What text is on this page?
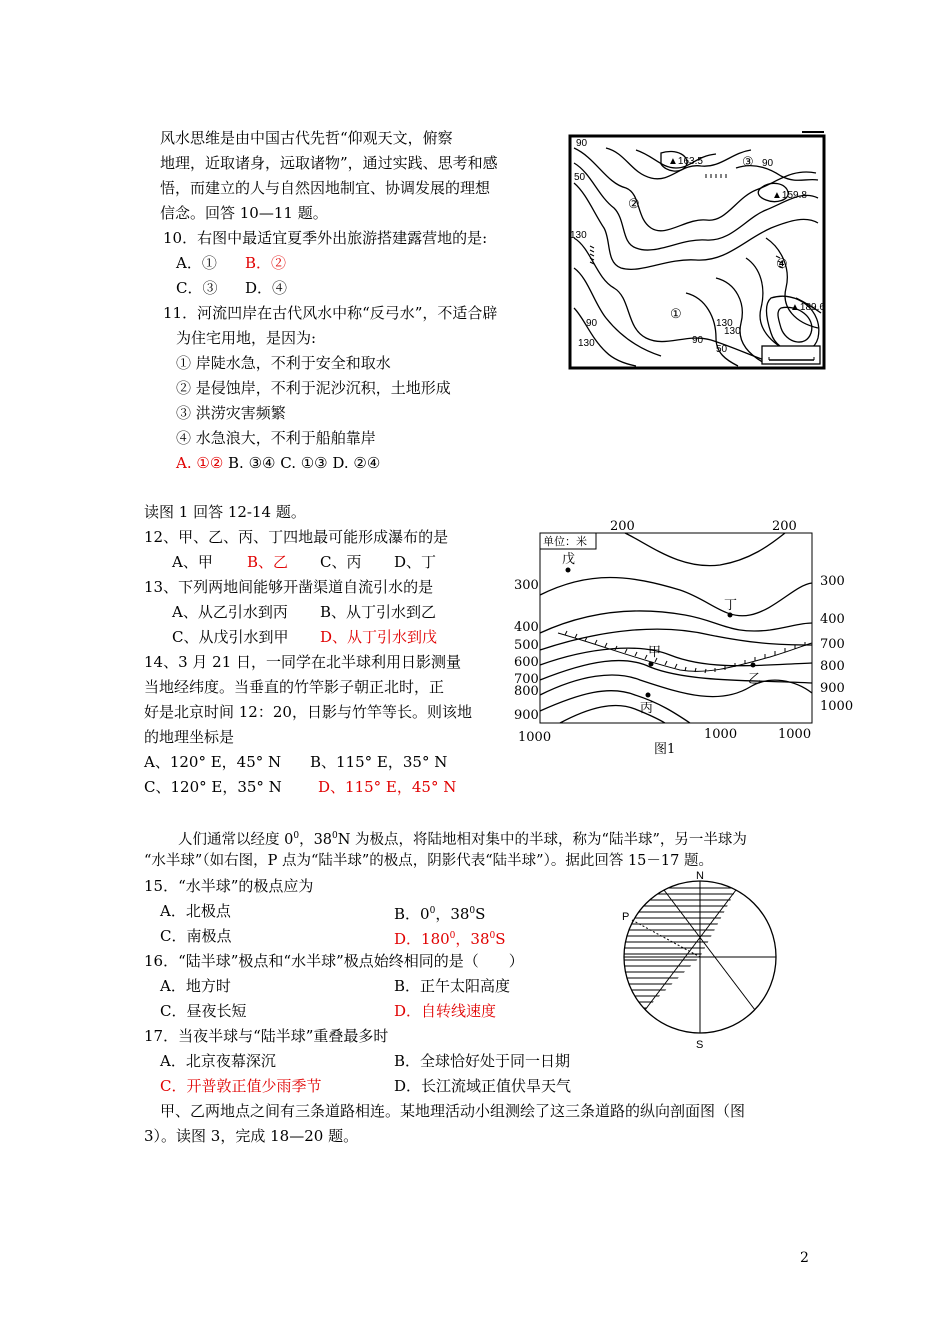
风水思维是由中国古代先哲“仰观天文，俯察
地理，近取诸身，远取诸物”，通过实践、思考和感
悟，而建立的人与自然因地制宜、协调发展的理想
信念。回答 10—11 题。
10．右图中最适宜夏季外出旅游搭建露营地的是:
A．① B．②
C．③ D．④
11．河流凹岸在古代风水中称“反弓水”，不适合辟
为住宅用地，是因为:
① 岸陡水急，不利于安全和取水
② 是侵蚀岸，不利于泥沙沉积，土地形成
③ 洪涝灾害频繁
④ 水急浪大，不利于船舶靠岸
A. ①② B. ③④ C. ①③ D. ②④
90
130
50
▲163.5	③ 90
▲159.8
②
④
①
130
90
130
50
▲189.6
130
90
读图 1 回答 12-14 题。
12、甲、乙、丙、丁四地最可能形成瀑布的是
A、甲 B、乙 C、丙 D、丁
13、下列两地间能够开凿渠道自流引水的是
A、从乙引水到丙 B、从丁引水到乙
C、从戊引水到甲 D、从丁引水到戊
14、3 月 21 日，一同学在北半球利用日影测量
当地经纬度。当垂直的竹竿影子朝正北时，正
好是北京时间 12：20，日影与竹竿等长。则该地
的地理坐标是
A、120° E，45° N B、115° E，35° N
C、120° E，35° N D、115° E，45° N
200	200
300
400
500
600
700
800
900
1000
300
400
700
800
900
1000
1000	1000
图1
单位：米
戊
丁
甲
乙
丙
人们通常以经度 $0^0$，$38^0N$ 为极点，将陆地相对集中的半球，称为“陆半球”，另一半球为
“水半球”（如右图，P 点为“陆半球”的极点，阴影代表“陆半球”）。据此回答 15－17 题。
15．“水半球”的极点应为
A．北极点	B．$0^0$，$38^0S$
C．南极点	D．$180^0$，$38^0S$
16．“陆半球”极点和“水半球”极点始终相同的是（　　）
A．地方时	B．正午太阳高度
C．昼夜长短	D．自转线速度
17．当夜半球与“陆半球”重叠最多时
A．北京夜幕深沉	B．全球恰好处于同一日期
C．开普敦正值少雨季节	D．长江流域正值伏旱天气
N
S
P
甲、乙两地点之间有三条道路相连。某地理活动小组测绘了这三条道路的纵向剖面图（图
3）。读图 3，完成 18—20 题。
2
